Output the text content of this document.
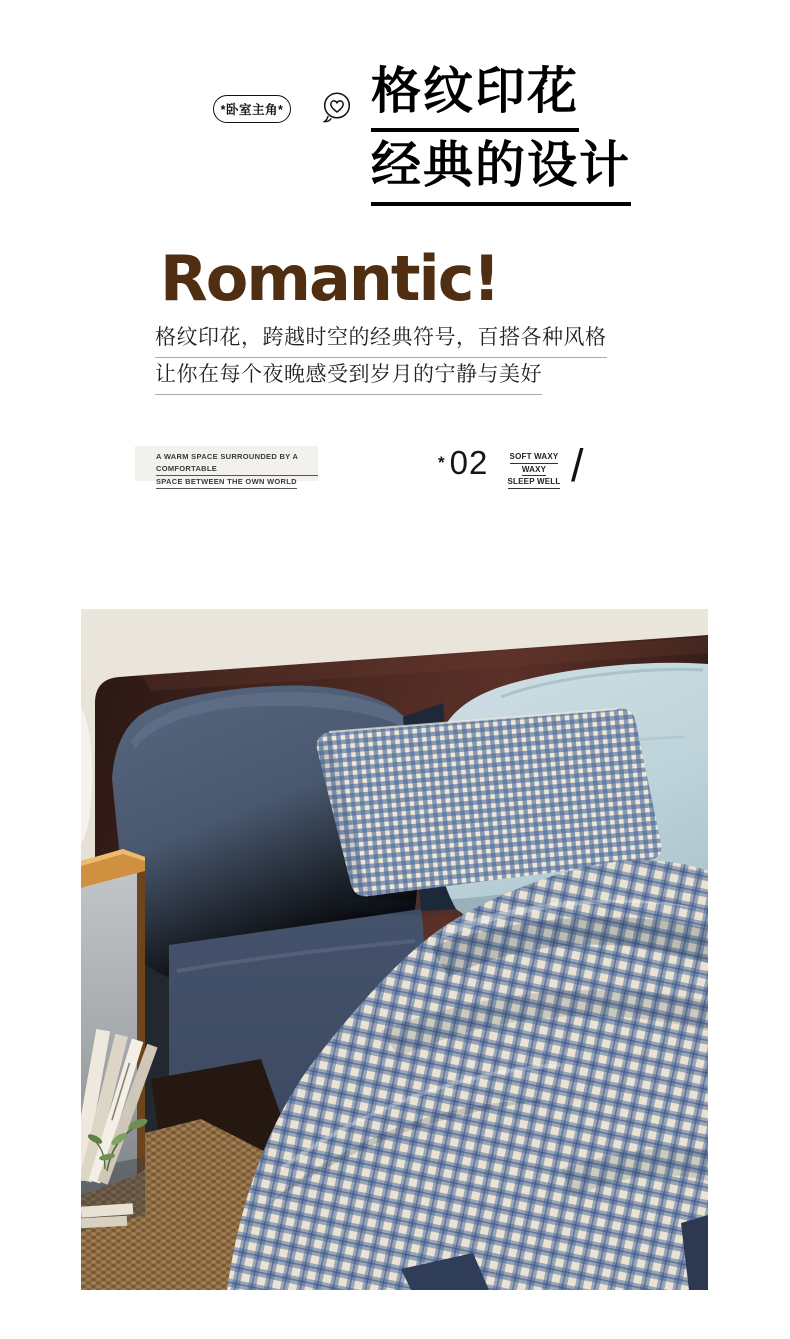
*卧室主角* 格纹印花
经典的设计
Romantic!
格纹印花，跨越时空的经典符号，百搭各种风格
让你在每个夜晚感受到岁月的宁静与美好
A WARM SPACE SURROUNDED BY A COMFORTABLE
SPACE BETWEEN THE OWN WORLD
* 02	SOFT WAXY
WAXY
SLEEP WELL /
